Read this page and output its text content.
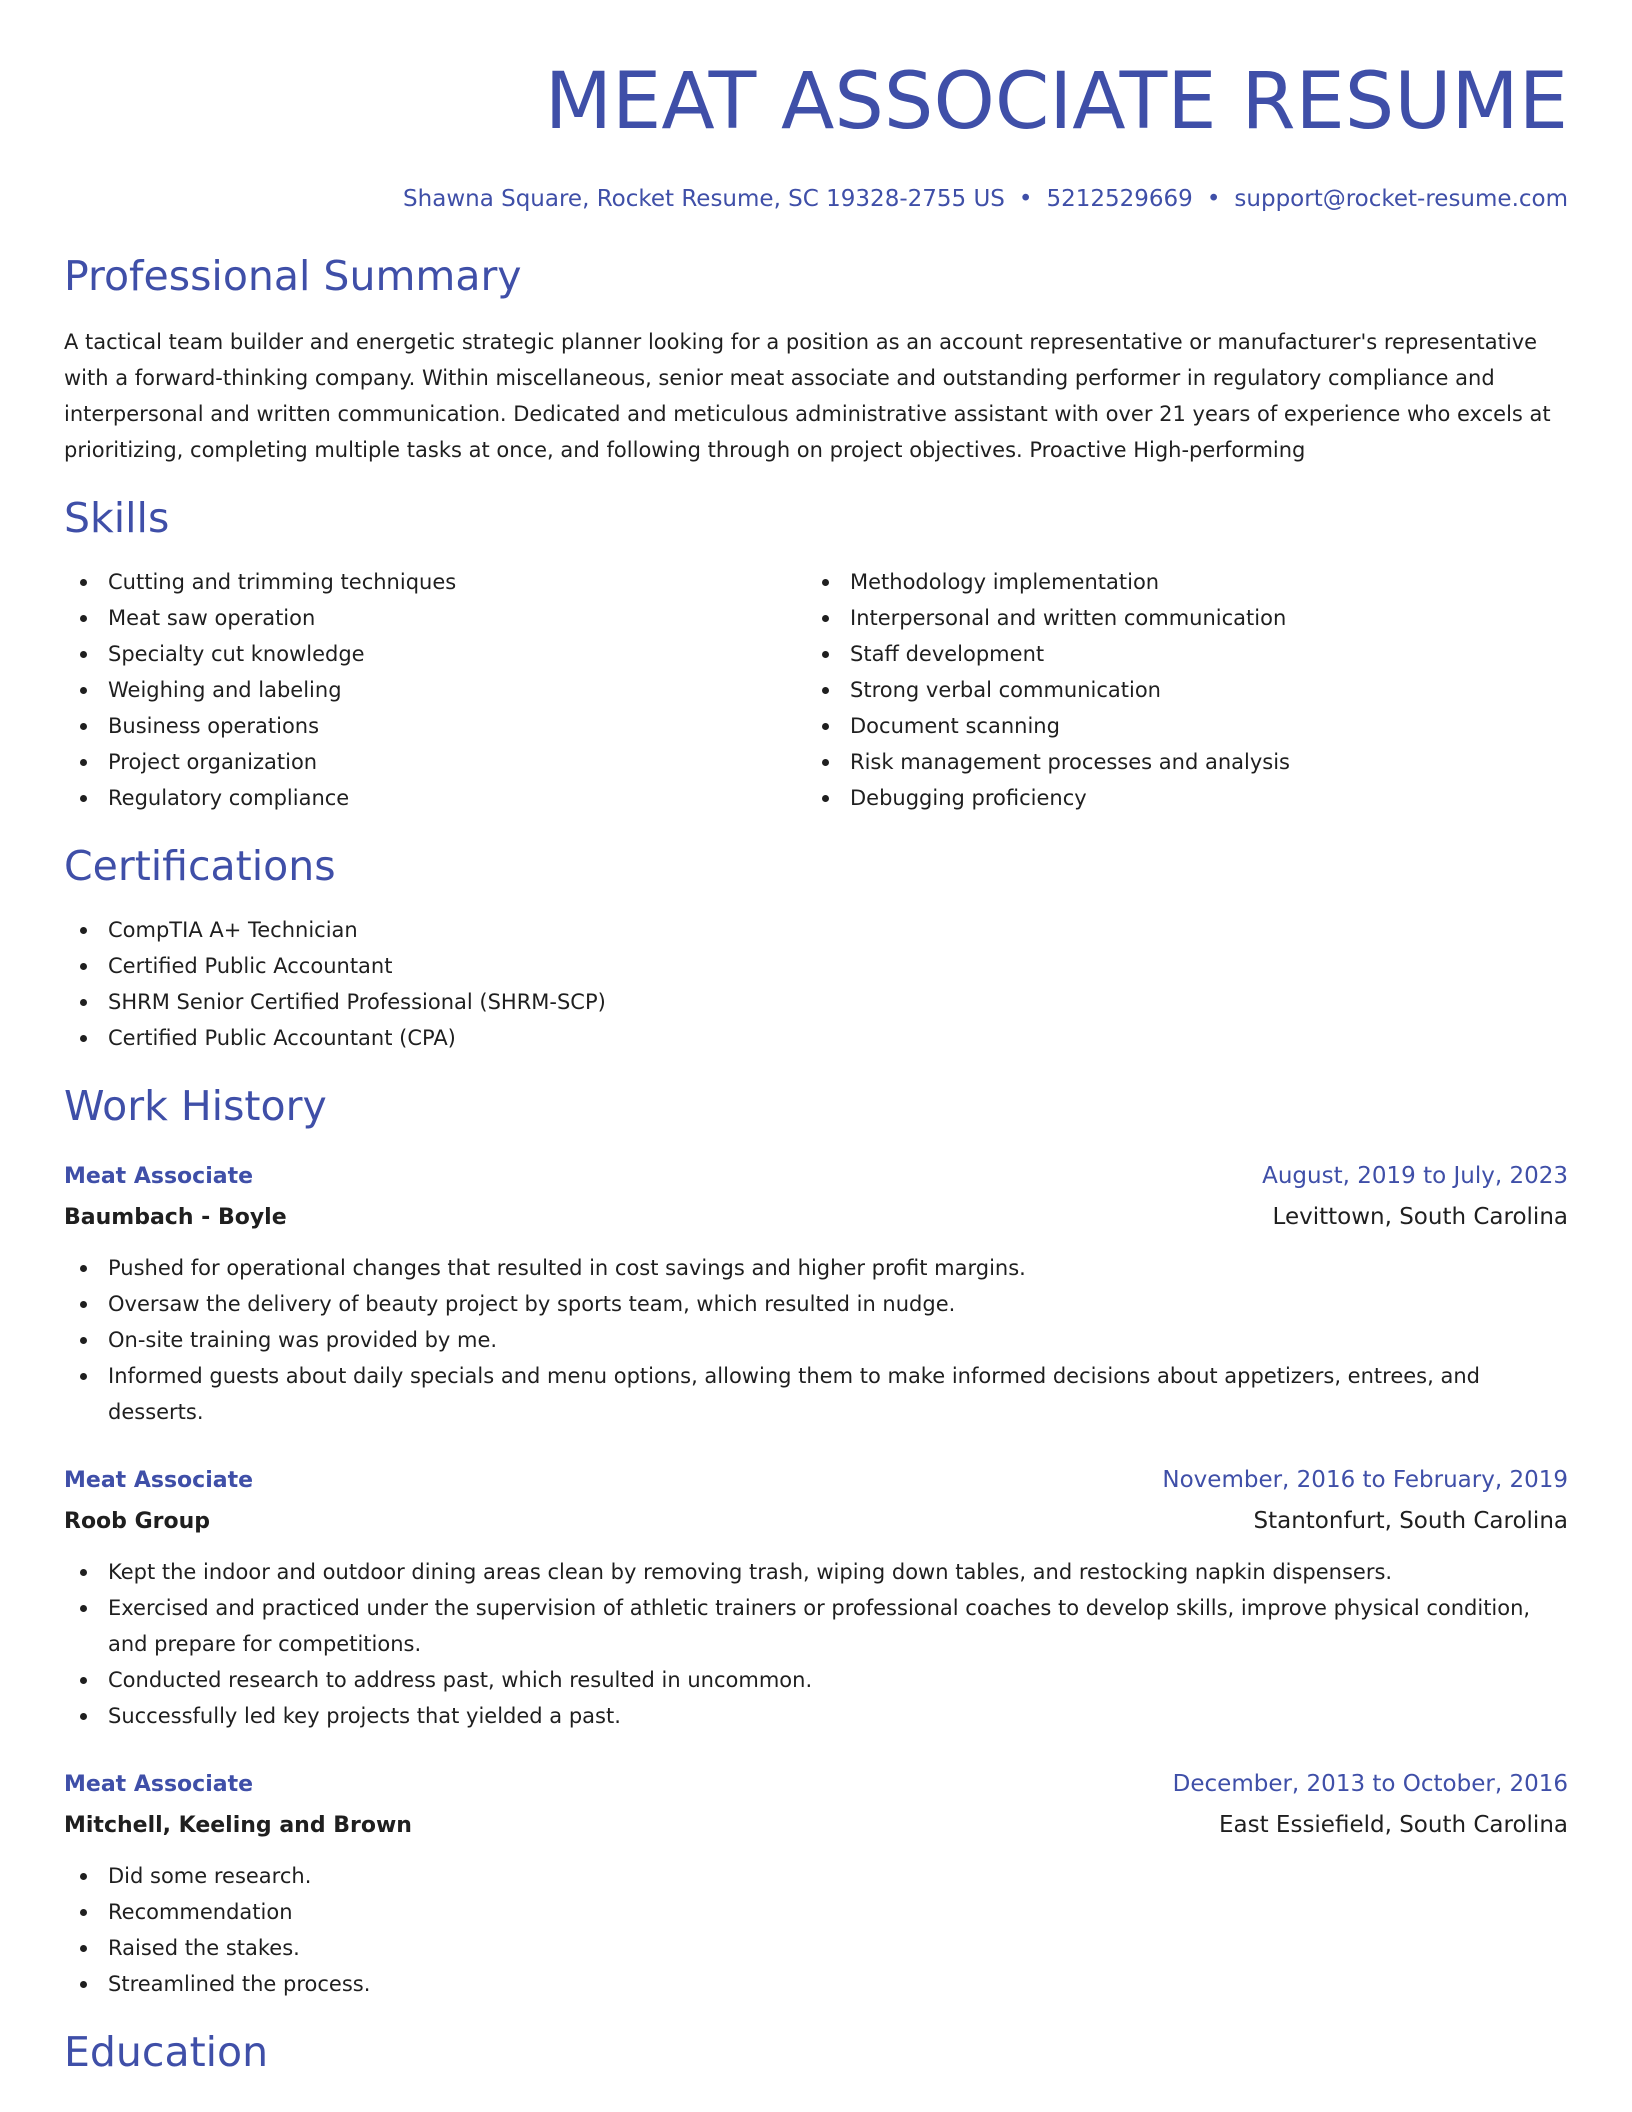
MEAT ASSOCIATE RESUME
Shawna Square, Rocket Resume, SC 19328-2755 US • 5212529669 • support@rocket-resume.com
Professional Summary

A tactical team builder and energetic strategic planner looking for a position as an account representative or manufacturer's representative with a forward-thinking company. Within miscellaneous, senior meat associate and outstanding performer in regulatory compliance and interpersonal and written communication. Dedicated and meticulous administrative assistant with over 21 years of experience who excels at prioritizing, completing multiple tasks at once, and following through on project objectives. Proactive High-performing

Skills
Cutting and trimming techniques
Meat saw operation
Specialty cut knowledge
Weighing and labeling
Business operations
Project organization
Regulatory compliance
Methodology implementation
Interpersonal and written communication
Staff development
Strong verbal communication
Document scanning
Risk management processes and analysis
Debugging proficiency
Certifications
CompTIA A+ Technician
Certified Public Accountant
SHRM Senior Certified Professional (SHRM-SCP)
Certified Public Accountant (CPA)
Work History
Meat Associate	August, 2019 to July, 2023
Baumbach - Boyle	Levittown, South Carolina
Pushed for operational changes that resulted in cost savings and higher profit margins.
Oversaw the delivery of beauty project by sports team, which resulted in nudge.
On-site training was provided by me.
Informed guests about daily specials and menu options, allowing them to make informed decisions about appetizers, entrees, and desserts.
Meat Associate	November, 2016 to February, 2019
Roob Group	Stantonfurt, South Carolina
Kept the indoor and outdoor dining areas clean by removing trash, wiping down tables, and restocking napkin dispensers.
Exercised and practiced under the supervision of athletic trainers or professional coaches to develop skills, improve physical condition, and prepare for competitions.
Conducted research to address past, which resulted in uncommon.
Successfully led key projects that yielded a past.
Meat Associate	December, 2013 to October, 2016
Mitchell, Keeling and Brown	East Essiefield, South Carolina
Did some research.
Recommendation
Raised the stakes.
Streamlined the process.
Education
